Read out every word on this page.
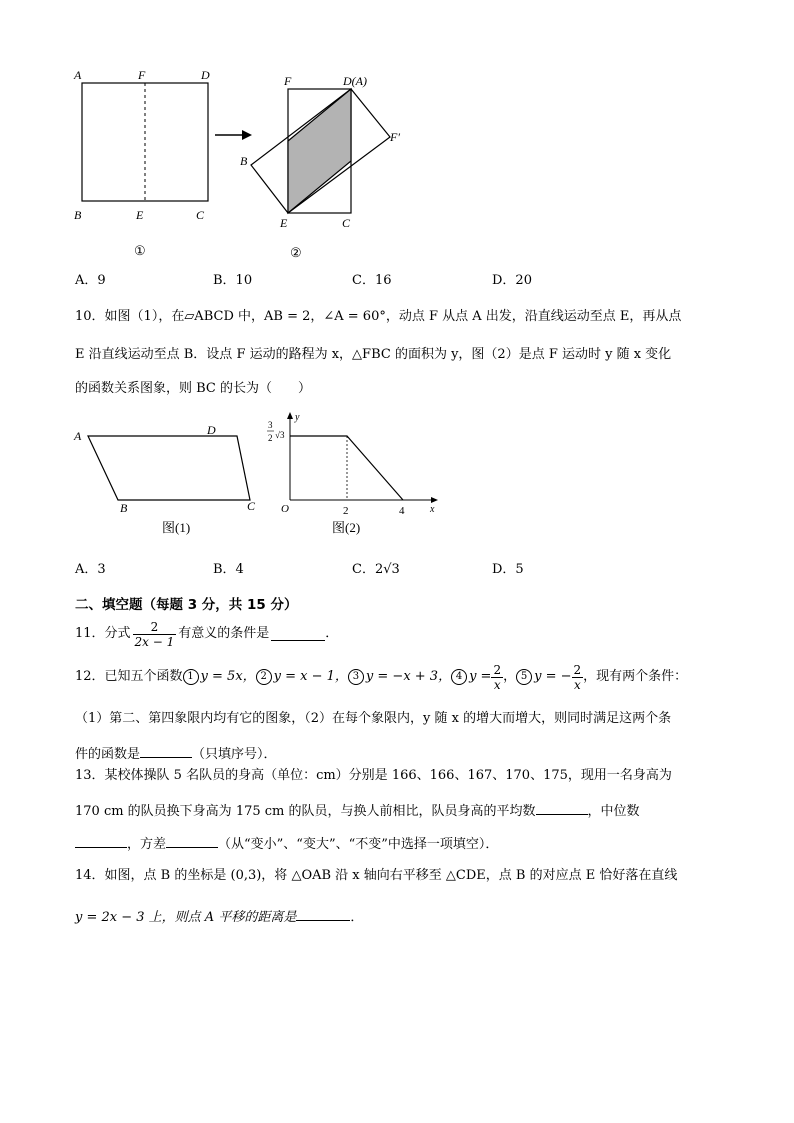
A	F	D
B	E	C
①
F	D(A)
F′
B
E	C
②
A．9	B．10	C．16	D．20
10．如图（1），在▱ABCD 中，AB = 2，∠A = 60°，动点 F 从点 A 出发，沿直线运动至点 E，再从点
E 沿直线运动至点 B．设点 F 运动的路程为 x，△FBC 的面积为 y，图（2）是点 F 运动时 y 随 x 变化
的函数关系图象，则 BC 的长为（　　）
A	D
B	C
图(1)
y
x
O	2	4
3
2 √3
图(2)
A．3	B．4	C．2√3	D．5
二、填空题（每题 3 分，共 15 分）
11．分式 $\frac{2}{2x - 1}$ 有意义的条件是	．
12．已知五个函数 1 y = 5x， 2 y = x − 1， 3 y = −x + 3， 4 $y = \frac{2}{x}$ ， 5 y = − $\frac{2}{x}$ ，现有两个条件：
（1）第二、第四象限内均有它的图象，（2）在每个象限内，y 随 x 的增大而增大，则同时满足这两个条
件的函数是	（只填序号）．
13．某校体操队 5 名队员的身高（单位：cm）分别是 166、166、167、170、175，现用一名身高为
170 cm 的队员换下身高为 175 cm 的队员，与换人前相比，队员身高的平均数	，中位数
，方差	（从“变小”、“变大”、“不变”中选择一项填空）．
14．如图，点 B 的坐标是 (0,3)，将 △OAB 沿 x 轴向右平移至 △CDE，点 B 的对应点 E 恰好落在直线
y = 2x − 3 上，则点 A 平移的距离是	．
